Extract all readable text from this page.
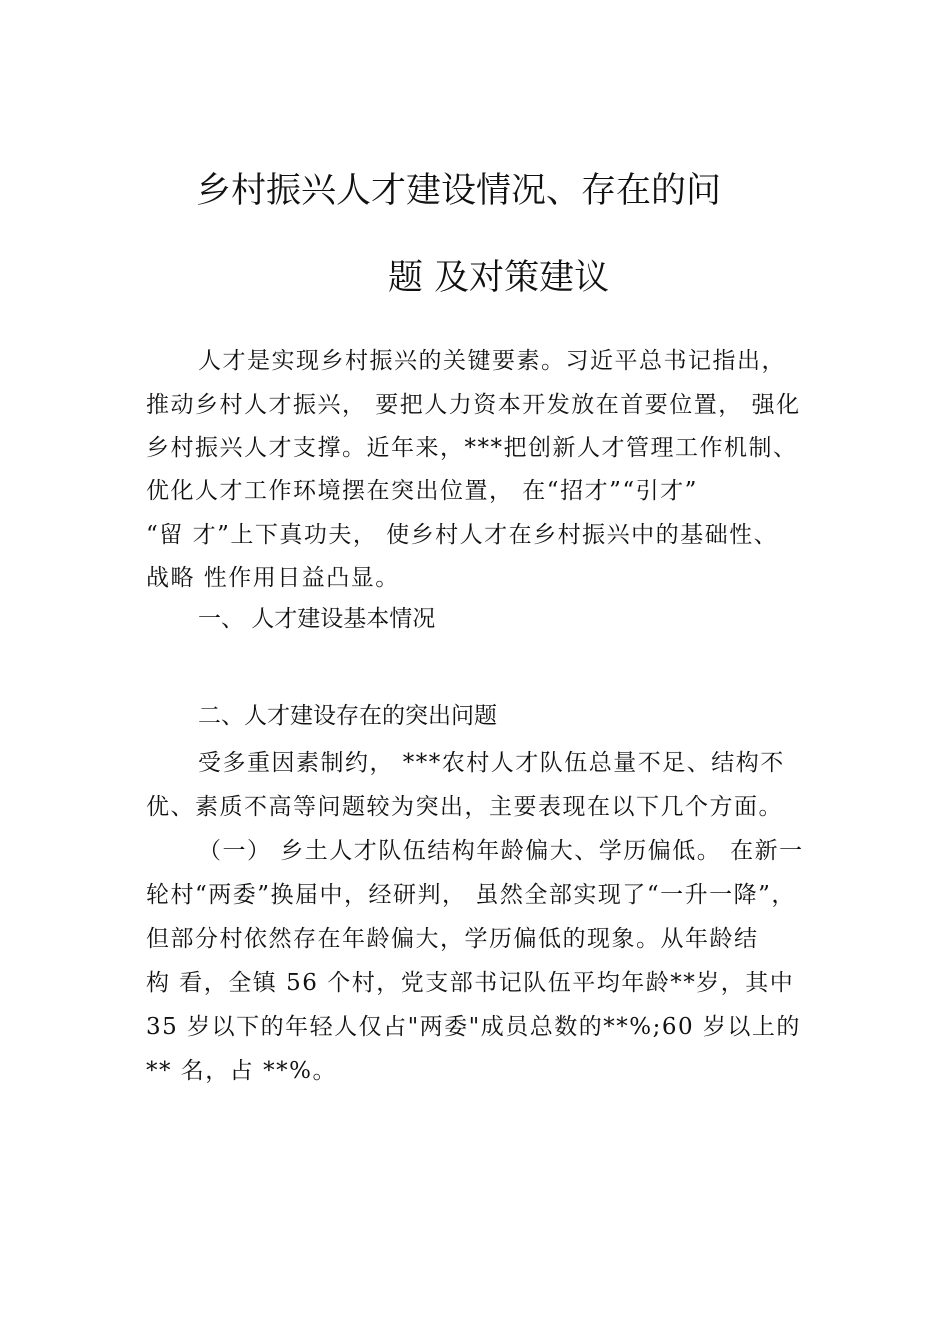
乡村振兴人才建设情况、存在的问
题 及对策建议
人才是实现乡村振兴的关键要素。习近平总书记指出，
推动乡村人才振兴， 要把人力资本开发放在首要位置， 强化
乡村振兴人才支撑。近年来，***把创新人才管理工作机制、
优化人才工作环境摆在突出位置， 在“招才”“引才”
“留 才”上下真功夫， 使乡村人才在乡村振兴中的基础性、
战略 性作用日益凸显。
一、 人才建设基本情况
二、人才建设存在的突出问题
受多重因素制约， ***农村人才队伍总量不足、结构不
优、素质不高等问题较为突出，主要表现在以下几个方面。
（一） 乡土人才队伍结构年龄偏大、学历偏低。 在新一
轮村“两委”换届中，经研判， 虽然全部实现了“一升一降”，
但部分村依然存在年龄偏大，学历偏低的现象。从年龄结
构 看，全镇 56 个村，党支部书记队伍平均年龄**岁，其中
35 岁以下的年轻人仅占"两委"成员总数的**%;60 岁以上的
** 名，占 **%。
